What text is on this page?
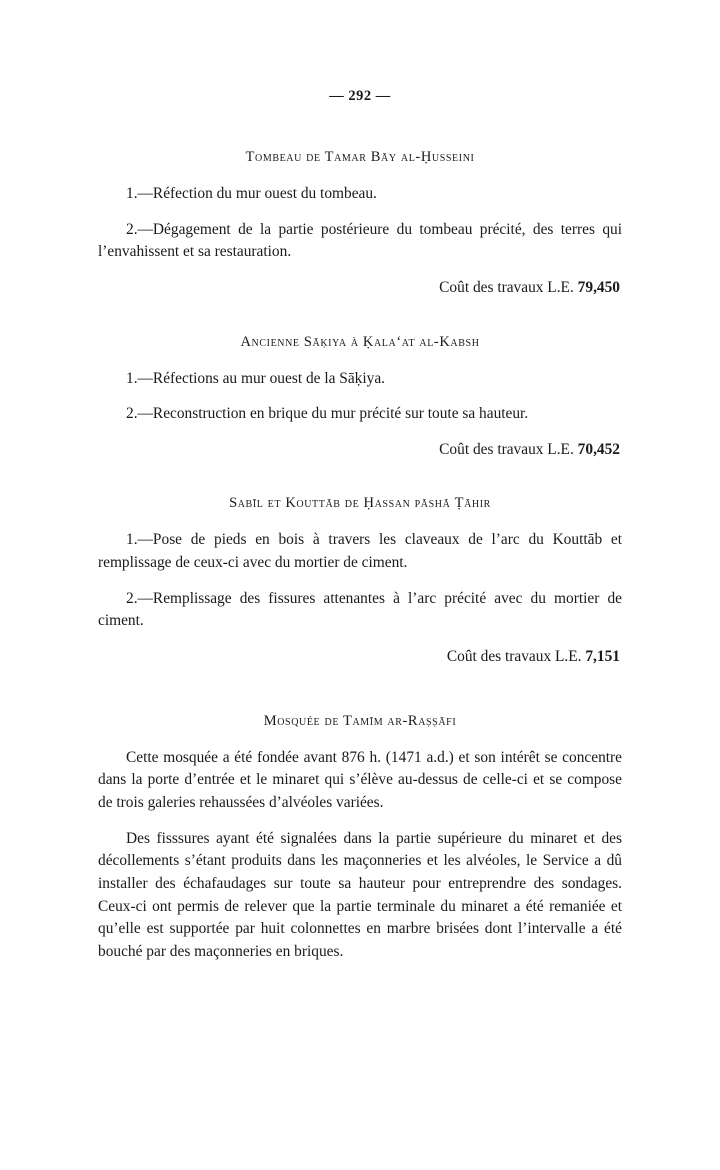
— 292 —
Tombeau de Tamar Bāy al-Ḥusseini

1.—Réfection du mur ouest du tombeau.

2.—Dégagement de la partie postérieure du tombeau précité, des terres qui l’envahissent et sa restauration.

Coût des travaux L.E. 79,450

Ancienne Sāḳiya à Ḳala‘at al-Kabsh

1.—Réfections au mur ouest de la Sāḳiya.

2.—Reconstruction en brique du mur précité sur toute sa hauteur.

Coût des travaux L.E. 70,452

Sabīl et Kouttāb de Ḥassan pāshā Ṭāhir

1.—Pose de pieds en bois à travers les claveaux de l’arc du Kouttāb et remplissage de ceux-ci avec du mortier de ciment.

2.—Remplissage des fissures attenantes à l’arc précité avec du mortier de ciment.

Coût des travaux L.E. 7,151

Mosquée de Tamīm ar-Raṣṣāfi

Cette mosquée a été fondée avant 876 h. (1471 a.d.) et son intérêt se concentre dans la porte d’entrée et le minaret qui s’élève au-dessus de celle-ci et se compose de trois galeries rehaussées d’alvéoles variées.

Des fisssures ayant été signalées dans la partie supérieure du minaret et des décollements s’étant produits dans les maçonneries et les alvéoles, le Service a dû installer des échafaudages sur toute sa hauteur pour entreprendre des sondages. Ceux-ci ont permis de relever que la partie terminale du minaret a été remaniée et qu’elle est supportée par huit colonnettes en marbre brisées dont l’intervalle a été bouché par des maçonneries en briques.
